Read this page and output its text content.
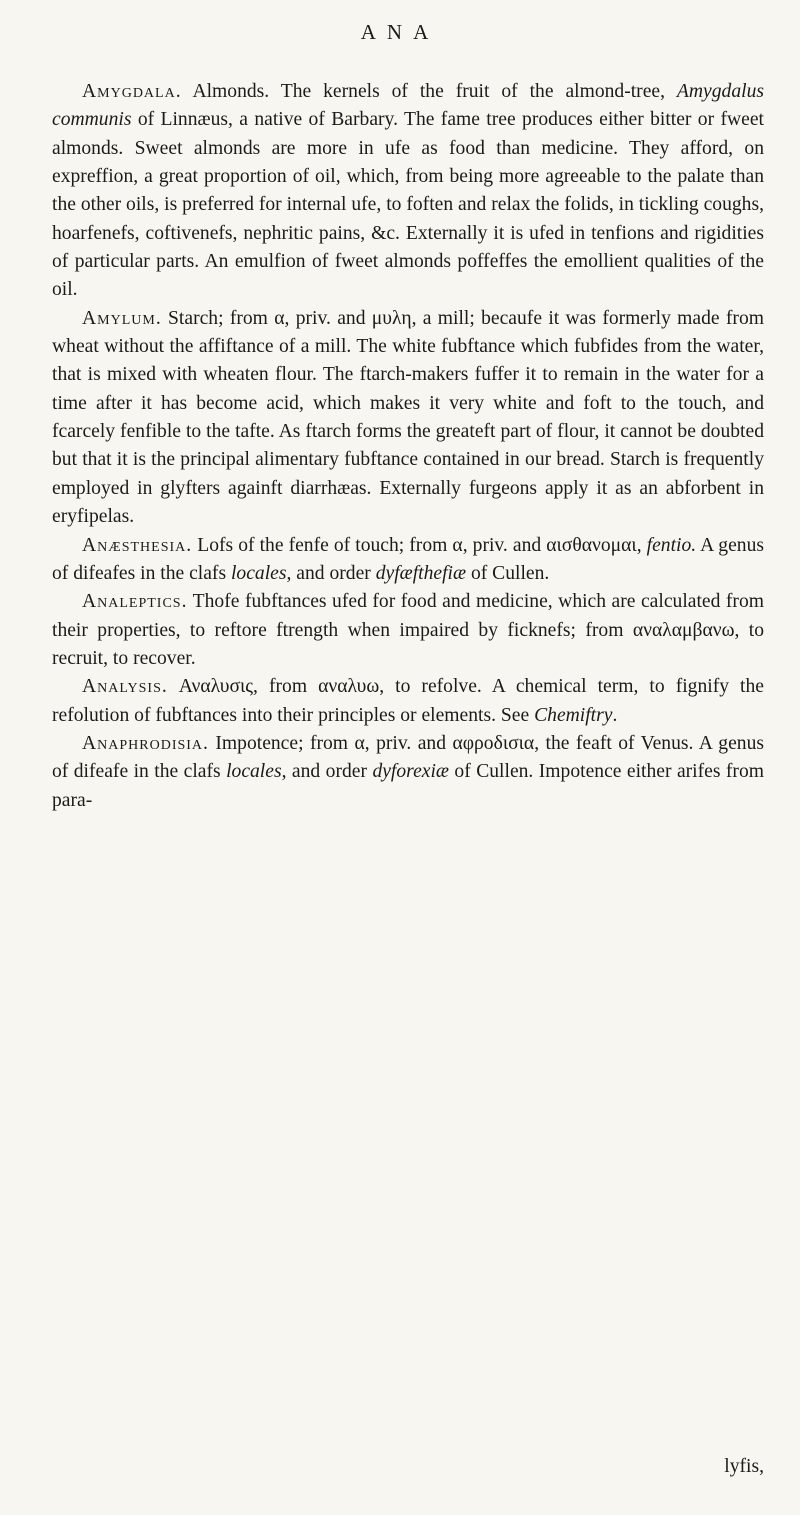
ANA

Amygdala. Almonds. The kernels of the fruit of the almond-tree, Amygdalus communis of Linnæus, a native of Barbary. The fame tree produces either bitter or fweet almonds. Sweet almonds are more in ufe as food than medicine. They afford, on expreffion, a great proportion of oil, which, from being more agreeable to the palate than the other oils, is preferred for internal ufe, to foften and relax the folids, in tickling coughs, hoarfenefs, coftivenefs, nephritic pains, &c. Externally it is ufed in tenfions and rigidities of particular parts. An emulfion of fweet almonds poffeffes the emollient qualities of the oil.

Amylum. Starch; from α, priv. and μυλη, a mill; becaufe it was formerly made from wheat without the affiftance of a mill. The white fubftance which fubfides from the water, that is mixed with wheaten flour. The ftarch-makers fuffer it to remain in the water for a time after it has become acid, which makes it very white and foft to the touch, and fcarcely fenfible to the tafte. As ftarch forms the greateft part of flour, it cannot be doubted but that it is the principal alimentary fubftance contained in our bread. Starch is frequently employed in glyfters againft diarrhæas. Externally furgeons apply it as an abforbent in eryfipelas.

Anæsthesia. Lofs of the fenfe of touch; from α, priv. and αισθανομαι, fentio. A genus of difeafes in the clafs locales, and order dyfæfthefiæ of Cullen.

Analeptics. Thofe fubftances ufed for food and medicine, which are calculated from their properties, to reftore ftrength when impaired by ficknefs; from αναλαμβανω, to recruit, to recover.

Analysis. Αναλυσις, from αναλυω, to refolve. A chemical term, to fignify the refolution of fubftances into their principles or elements. See Chemiftry.

Anaphrodisia. Impotence; from α, priv. and αφροδισια, the feaft of Venus. A genus of difeafe in the clafs locales, and order dyforexiæ of Cullen. Impotence either arifes from para-

lyfis,
